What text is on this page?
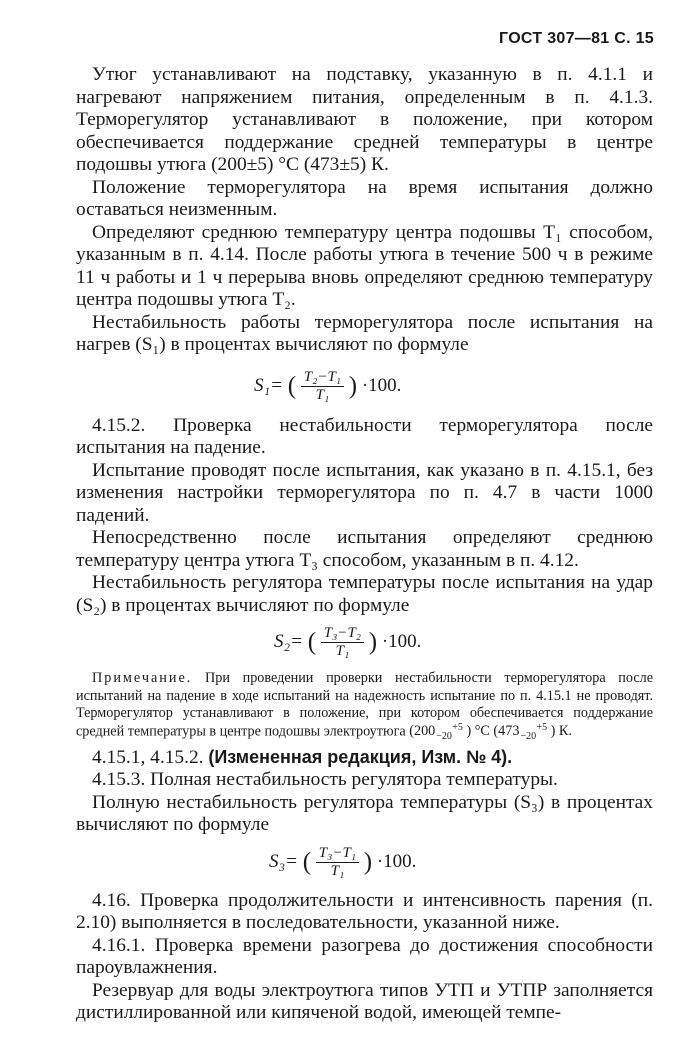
ГОСТ 307—81 С. 15

Утюг устанавливают на подставку, указанную в п. 4.1.1 и нагревают напряжением питания, определенным в п. 4.1.3. Терморегулятор устанавливают в положение, при котором обеспечивается поддержание средней температуры в центре подошвы утюга (200±5) °С (473±5) К.

Положение терморегулятора на время испытания должно оставаться неизменным.

Определяют среднюю температуру центра подошвы T₁ способом, указанным в п. 4.14. После работы утюга в течение 500 ч в режиме 11 ч работы и 1 ч перерыва вновь определяют среднюю температуру центра подошвы утюга T₂.

Нестабильность работы терморегулятора после испытания на нагрев (S₁) в процентах вычисляют по формуле

S₁= ( $\frac{\text{T₂−T₁}}{\text{T₁}}$ ) ·100.

4.15.2. Проверка нестабильности терморегулятора после испытания на падение.

Испытание проводят после испытания, как указано в п. 4.15.1, без изменения настройки терморегулятора по п. 4.7 в части 1000 падений.

Непосредственно после испытания определяют среднюю температуру центра утюга T₃ способом, указанным в п. 4.12.

Нестабильность регулятора температуры после испытания на удар (S₂) в процентах вычисляют по формуле

S₂= ( $\frac{\text{T₃−T₂}}{\text{T₁}}$ ) ·100.

Примечание. При проведении проверки нестабильности терморегулятора после испытаний на падение в ходе испытаний на надежность испытание по п. 4.15.1 не проводят. Терморегулятор устанавливают в положение, при котором обеспечивается поддержание средней температуры в центре подошвы электроутюга (200 +5
−20 ) °С (473 +5
−20 ) К.

4.15.1, 4.15.2. (Измененная редакция, Изм. № 4).

4.15.3. Полная нестабильность регулятора температуры.

Полную нестабильность регулятора температуры (S₃) в процентах вычисляют по формуле

S₃= ( $\frac{\text{T₃−T₁}}{\text{T₁}}$ ) ·100.

4.16. Проверка продолжительности и интенсивность парения (п. 2.10) выполняется в последовательности, указанной ниже.

4.16.1. Проверка времени разогрева до достижения способности пароувлажнения.

Резервуар для воды электроутюга типов УТП и УТПР заполняется дистиллированной или кипяченой водой, имеющей темпе-
